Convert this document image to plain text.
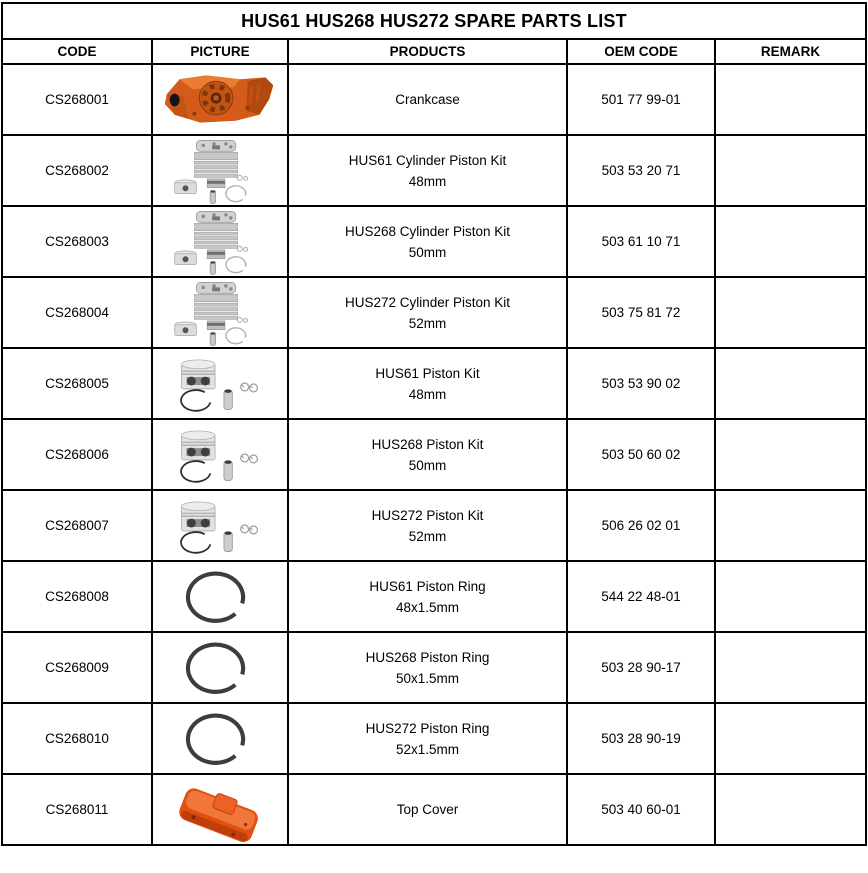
HUS61 HUS268 HUS272 SPARE PARTS LIST				
CODE	PICTURE	PRODUCTS	OEM CODE	REMARK
CS268001		Crankcase	501 77 99-01	
CS268002		HUS61 Cylinder Piston Kit
48mm	503 53 20 71	
CS268003		HUS268 Cylinder Piston Kit
50mm	503 61 10 71	
CS268004		HUS272 Cylinder Piston Kit
52mm	503 75 81 72	
CS268005		HUS61 Piston Kit
48mm	503 53 90 02	
CS268006		HUS268 Piston Kit
50mm	503 50 60 02	
CS268007		HUS272 Piston Kit
52mm	506 26 02 01	
CS268008		HUS61 Piston Ring
48x1.5mm	544 22 48-01	
CS268009		HUS268 Piston Ring
50x1.5mm	503 28 90-17	
CS268010		HUS272 Piston Ring
52x1.5mm	503 28 90-19	
CS268011		Top Cover	503 40 60-01	
